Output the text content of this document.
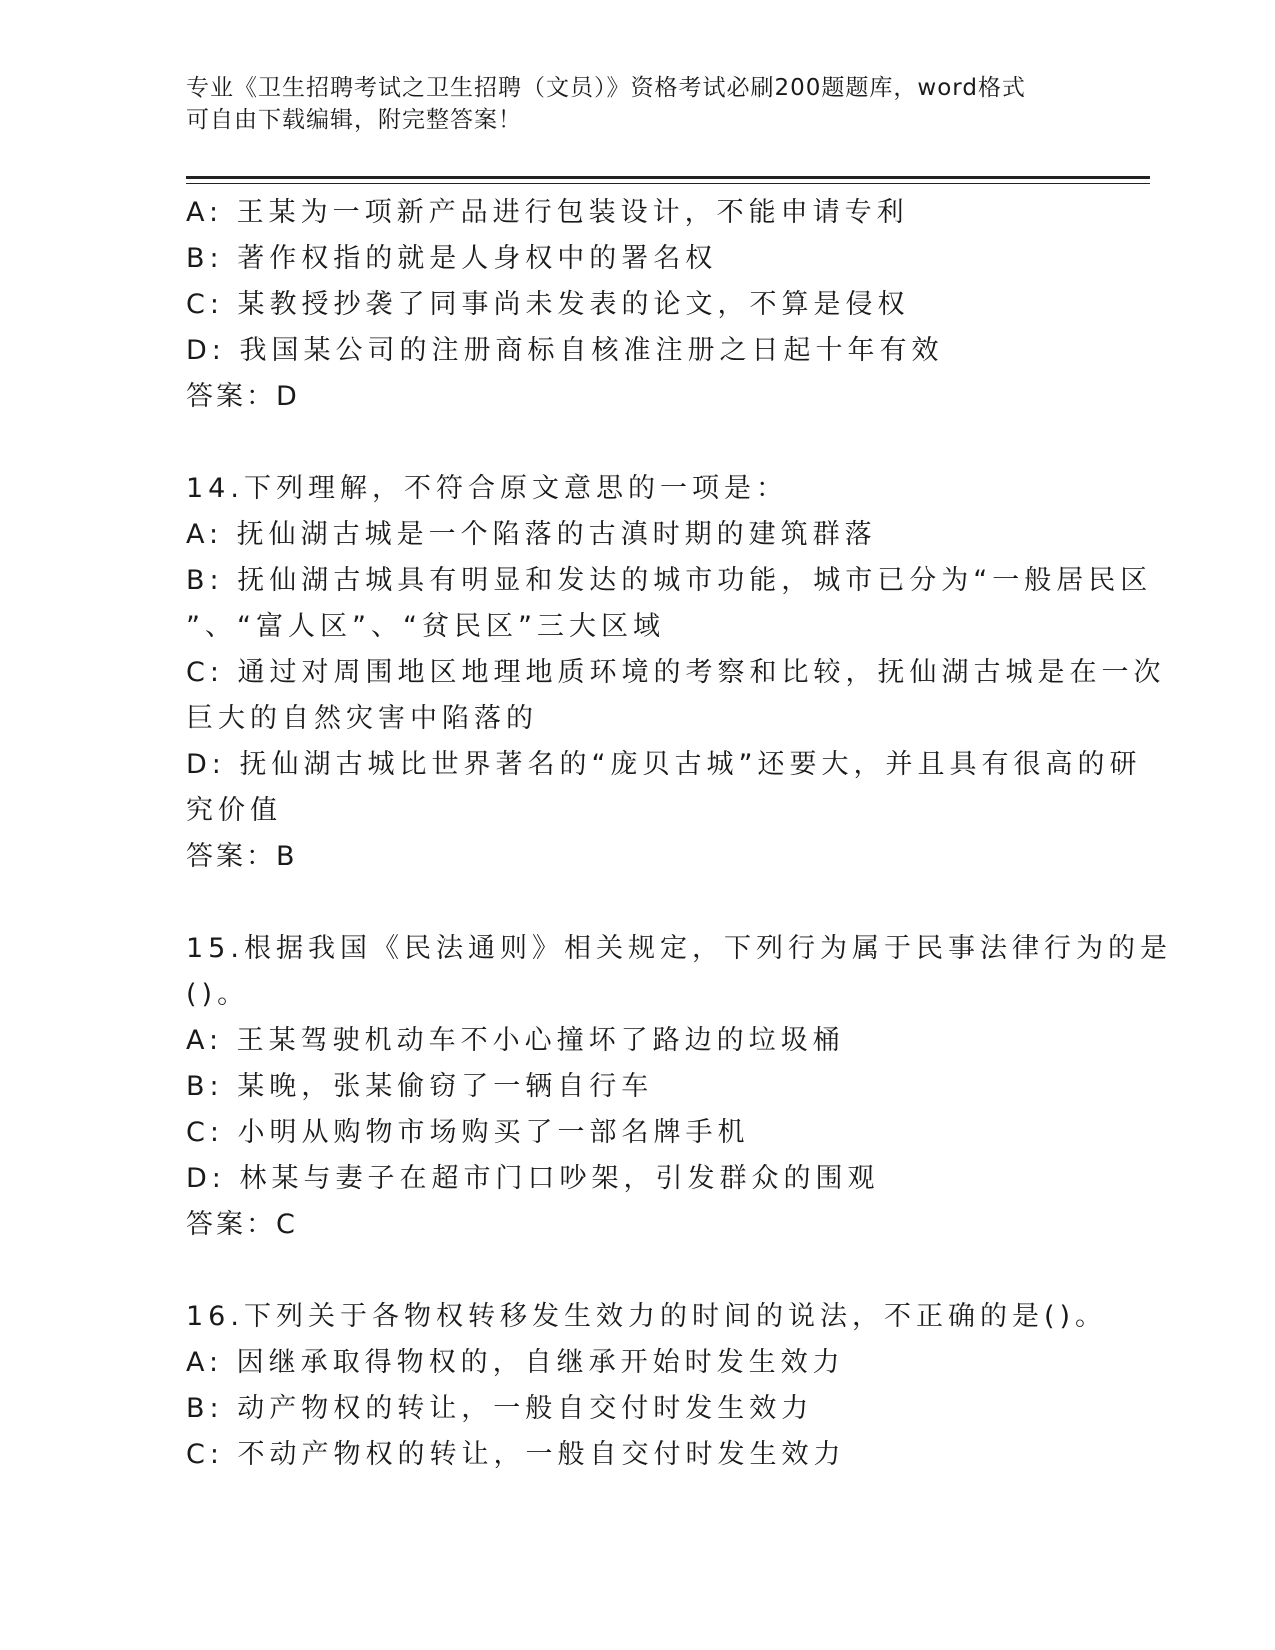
专业《卫生招聘考试之卫生招聘（文员）》资格考试必刷200题题库，word格式
可自由下载编辑，附完整答案！
A: 王某为一项新产品进行包装设计，不能申请专利
B: 著作权指的就是人身权中的署名权
C: 某教授抄袭了同事尚未发表的论文，不算是侵权
D: 我国某公司的注册商标自核准注册之日起十年有效
答案：D
14.下列理解，不符合原文意思的一项是：
A: 抚仙湖古城是一个陷落的古滇时期的建筑群落
B: 抚仙湖古城具有明显和发达的城市功能，城市已分为“一般居民区
”、“富人区”、“贫民区”三大区域
C: 通过对周围地区地理地质环境的考察和比较，抚仙湖古城是在一次
巨大的自然灾害中陷落的
D: 抚仙湖古城比世界著名的“庞贝古城”还要大，并且具有很高的研
究价值
答案：B
15.根据我国《民法通则》相关规定，下列行为属于民事法律行为的是
()。
A: 王某驾驶机动车不小心撞坏了路边的垃圾桶
B: 某晚，张某偷窃了一辆自行车
C: 小明从购物市场购买了一部名牌手机
D: 林某与妻子在超市门口吵架，引发群众的围观
答案：C
16.下列关于各物权转移发生效力的时间的说法，不正确的是()。
A: 因继承取得物权的，自继承开始时发生效力
B: 动产物权的转让，一般自交付时发生效力
C: 不动产物权的转让，一般自交付时发生效力
